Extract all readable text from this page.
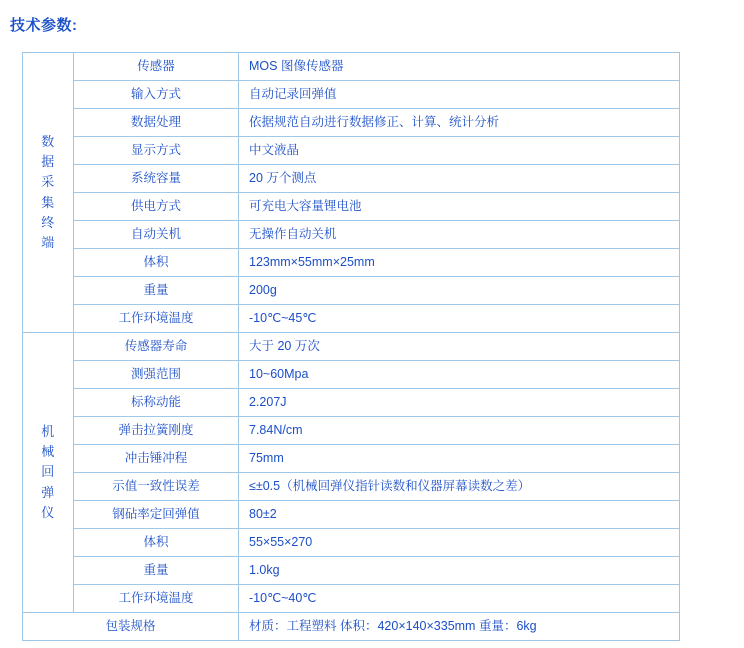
技术参数:
数
据
采
集
终
端
	传感器	MOS 图像传感器
	输入方式	自动记录回弹值
	数据处理	依据规范自动进行数据修正、计算、统计分析
	显示方式	中文液晶
	系统容量	20 万个测点
	供电方式	可充电大容量锂电池
	自动关机	无操作自动关机
	体积	123mm×55mm×25mm
	重量	200g
	工作环境温度	-10℃~45℃

机
械
回
弹
仪	传感器寿命	大于 20 万次
	测强范围	10~60Mpa
	标称动能	2.207J
	弹击拉簧刚度	7.84N/cm
	冲击锤冲程	75mm
	示值一致性误差	≤±0.5（机械回弹仪指针读数和仪器屏幕读数之差）
	钢砧率定回弹值	80±2
	体积	55×55×270
	重量	1.0kg
	工作环境温度	-10℃~40℃
包装规格		材质：工程塑料 体积：420×140×335mm 重量：6kg
